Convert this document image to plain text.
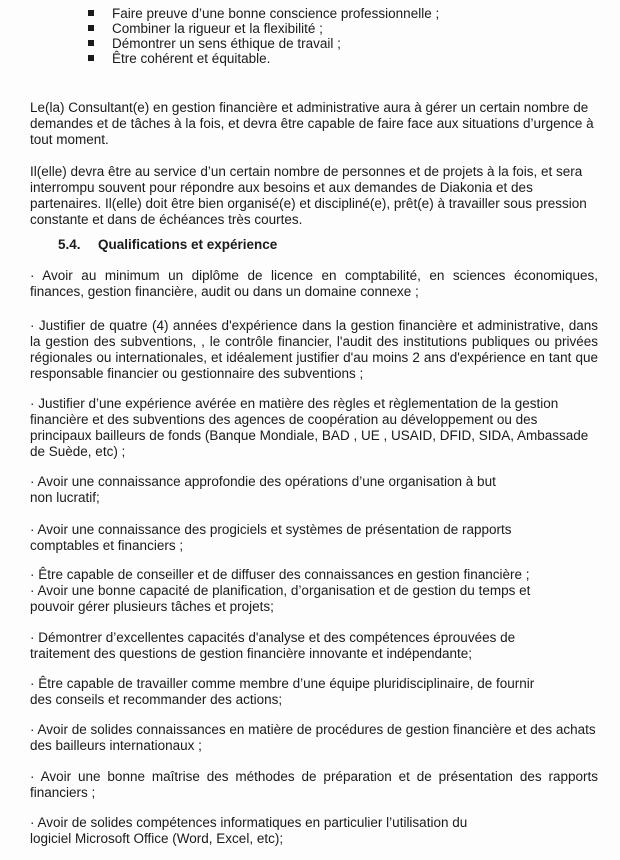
Faire preuve d’une bonne conscience professionnelle ;
Combiner la rigueur et la flexibilité ;
Démontrer un sens éthique de travail ;
Être cohérent et équitable.

Le(la) Consultant(e) en gestion financière et administrative aura à gérer un certain nombre de demandes et de tâches à la fois, et devra être capable de faire face aux situations d’urgence à tout moment.

Il(elle) devra être au service d’un certain nombre de personnes et de projets à la fois, et sera interrompu souvent pour répondre aux besoins et aux demandes de Diakonia et des partenaires. Il(elle) doit être bien organisé(e) et discipliné(e), prêt(e) à travailler sous pression constante et dans de échéances très courtes.

5.4. Qualifications et expérience

· Avoir au minimum un diplôme de licence en comptabilité, en sciences économiques, finances, gestion financière, audit ou dans un domaine connexe ;

· Justifier de quatre (4) années d'expérience dans la gestion financière et administrative, dans la gestion des subventions, , le contrôle financier, l'audit des institutions publiques ou privées régionales ou internationales, et idéalement justifier d'au moins 2 ans d'expérience en tant que responsable financier ou gestionnaire des subventions ;

· Justifier d’une expérience avérée en matière des règles et règlementation de la gestion financière et des subventions des agences de coopération au développement ou des principaux bailleurs de fonds (Banque Mondiale, BAD , UE , USAID, DFID, SIDA, Ambassade de Suède, etc) ;

· Avoir une connaissance approfondie des opérations d’une organisation à but non lucratif;

· Avoir une connaissance des progiciels et systèmes de présentation de rapports comptables et financiers ;

· Être capable de conseiller et de diffuser des connaissances en gestion financière ;

· Avoir une bonne capacité de planification, d’organisation et de gestion du temps et pouvoir gérer plusieurs tâches et projets;

· Démontrer d’excellentes capacités d'analyse et des compétences éprouvées de traitement des questions de gestion financière innovante et indépendante;

· Être capable de travailler comme membre d’une équipe pluridisciplinaire, de fournir des conseils et recommander des actions;

· Avoir de solides connaissances en matière de procédures de gestion financière et des achats des bailleurs internationaux ;

· Avoir une bonne maîtrise des méthodes de préparation et de présentation des rapports financiers ;

· Avoir de solides compétences informatiques en particulier l’utilisation du logiciel Microsoft Office (Word, Excel, etc);
